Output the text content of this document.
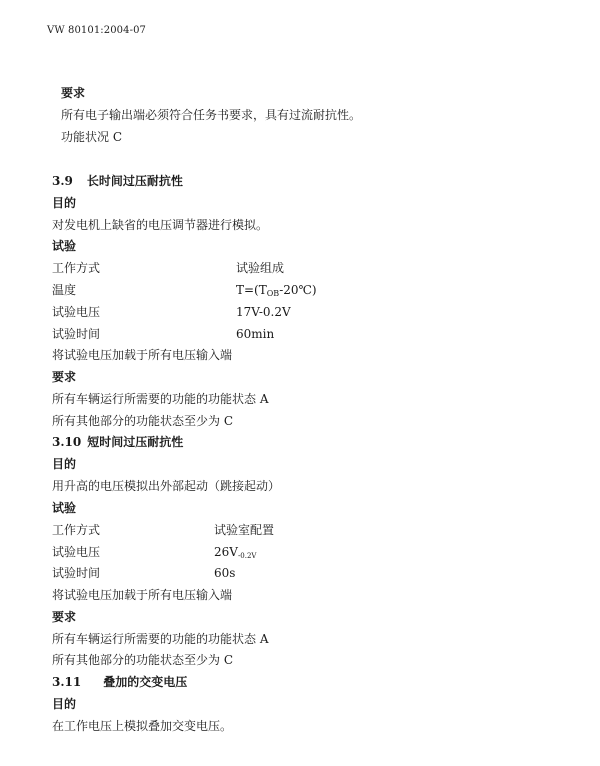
VW 80101:2004-07
要求
所有电子输出端必须符合任务书要求，具有过流耐抗性。
功能状况 C
3.9 长时间过压耐抗性
目的
对发电机上缺省的电压调节器进行模拟。
试验
工作方式	试验组成
温度	$T=(T_{OB}-20℃)$
试验电压	17V-0.2V
试验时间	60min
将试验电压加载于所有电压输入端
要求
所有车辆运行所需要的功能的功能状态 A
所有其他部分的功能状态至少为 C
3.10 短时间过压耐抗性
目的
用升高的电压模拟出外部起动（跳接起动）
试验
工作方式	试验室配置
试验电压	26V-0.2V
试验时间	60s
将试验电压加载于所有电压输入端
要求
所有车辆运行所需要的功能的功能状态 A
所有其他部分的功能状态至少为 C
3.11 叠加的交变电压
目的
在工作电压上模拟叠加交变电压。
